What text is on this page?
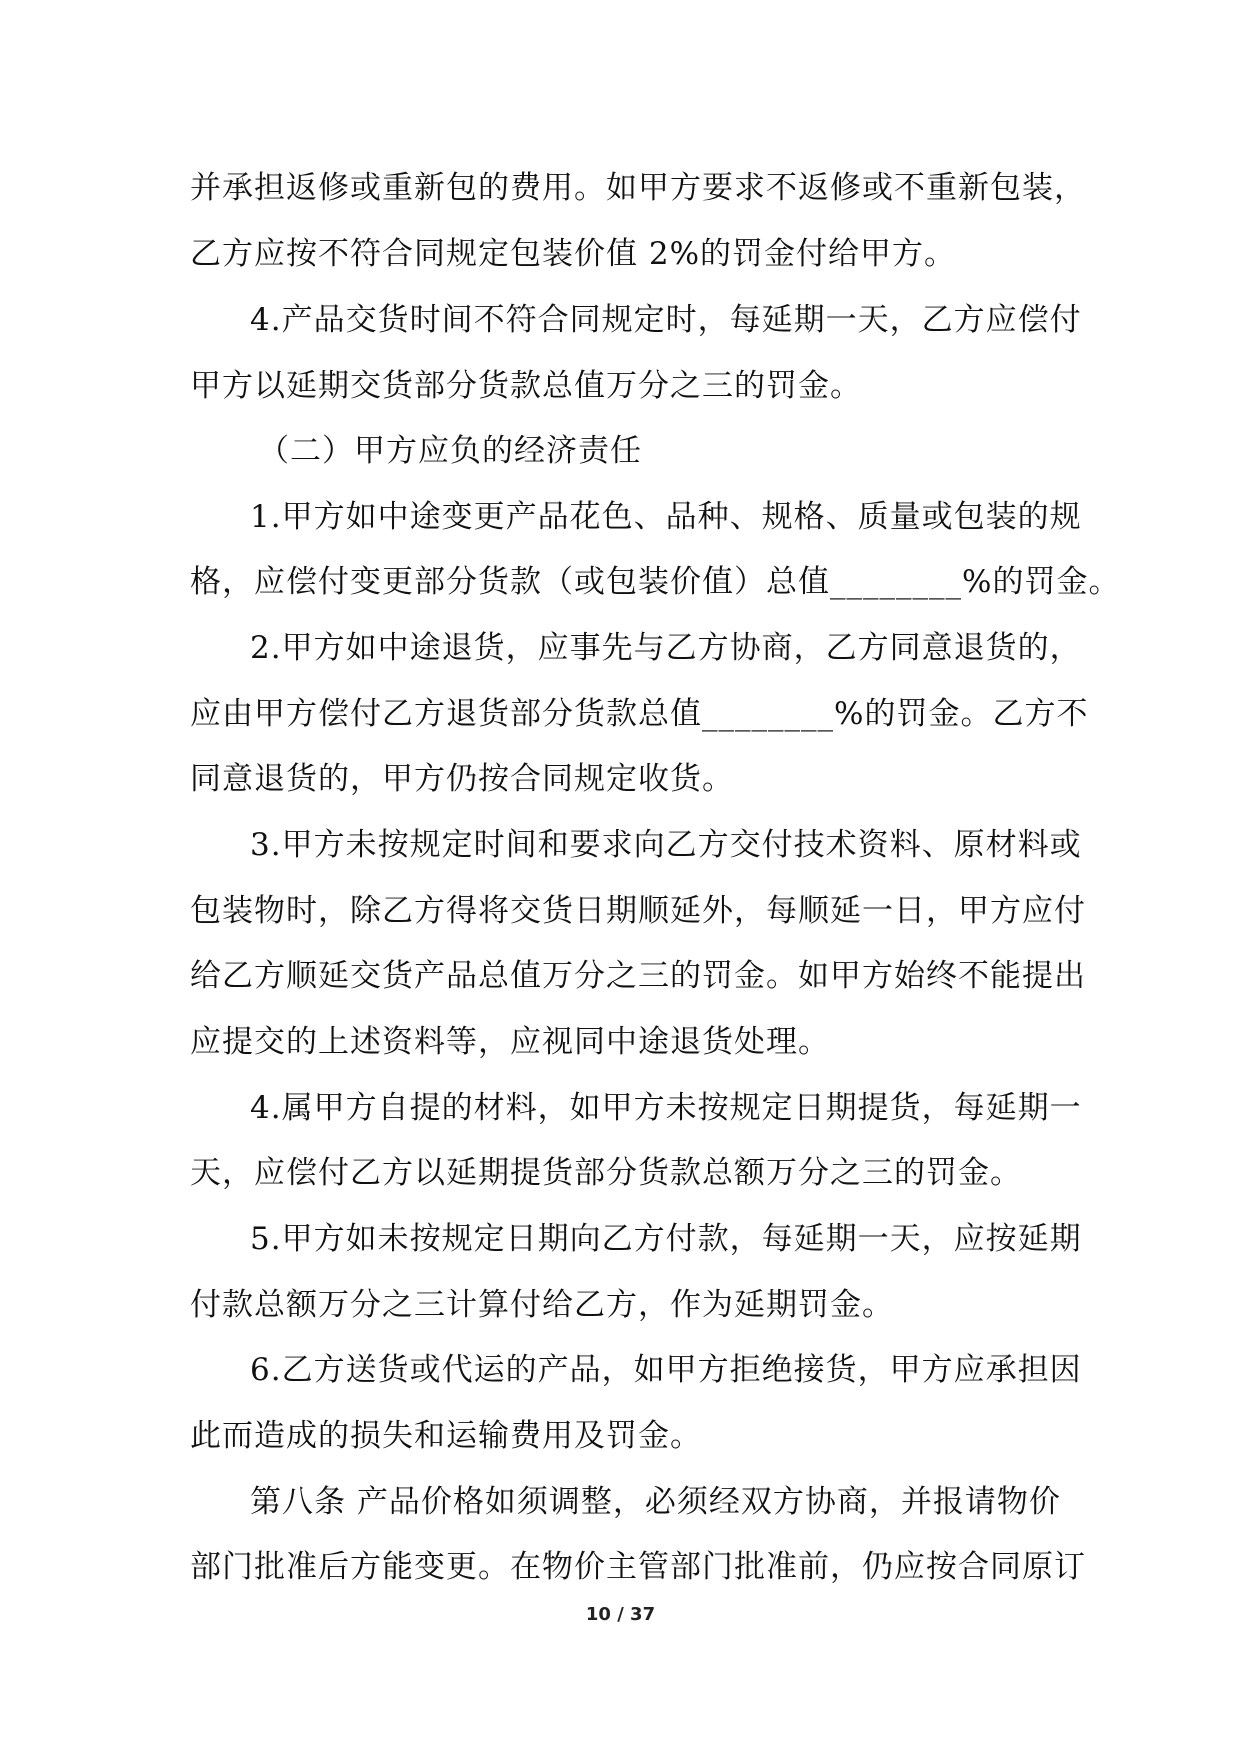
并承担返修或重新包的费用。如甲方要求不返修或不重新包装，
乙方应按不符合同规定包装价值 2%的罚金付给甲方。
4.产品交货时间不符合同规定时，每延期一天，乙方应偿付
甲方以延期交货部分货款总值万分之三的罚金。
（二）甲方应负的经济责任
1.甲方如中途变更产品花色、品种、规格、质量或包装的规
格，应偿付变更部分货款（或包装价值）总值________%的罚金。
2.甲方如中途退货，应事先与乙方协商，乙方同意退货的，
应由甲方偿付乙方退货部分货款总值________%的罚金。乙方不
同意退货的，甲方仍按合同规定收货。
3.甲方未按规定时间和要求向乙方交付技术资料、原材料或
包装物时，除乙方得将交货日期顺延外，每顺延一日，甲方应付
给乙方顺延交货产品总值万分之三的罚金。如甲方始终不能提出
应提交的上述资料等，应视同中途退货处理。
4.属甲方自提的材料，如甲方未按规定日期提货，每延期一
天，应偿付乙方以延期提货部分货款总额万分之三的罚金。
5.甲方如未按规定日期向乙方付款，每延期一天，应按延期
付款总额万分之三计算付给乙方，作为延期罚金。
6.乙方送货或代运的产品，如甲方拒绝接货，甲方应承担因
此而造成的损失和运输费用及罚金。
第八条 产品价格如须调整，必须经双方协商，并报请物价
部门批准后方能变更。在物价主管部门批准前，仍应按合同原订
10 / 37
